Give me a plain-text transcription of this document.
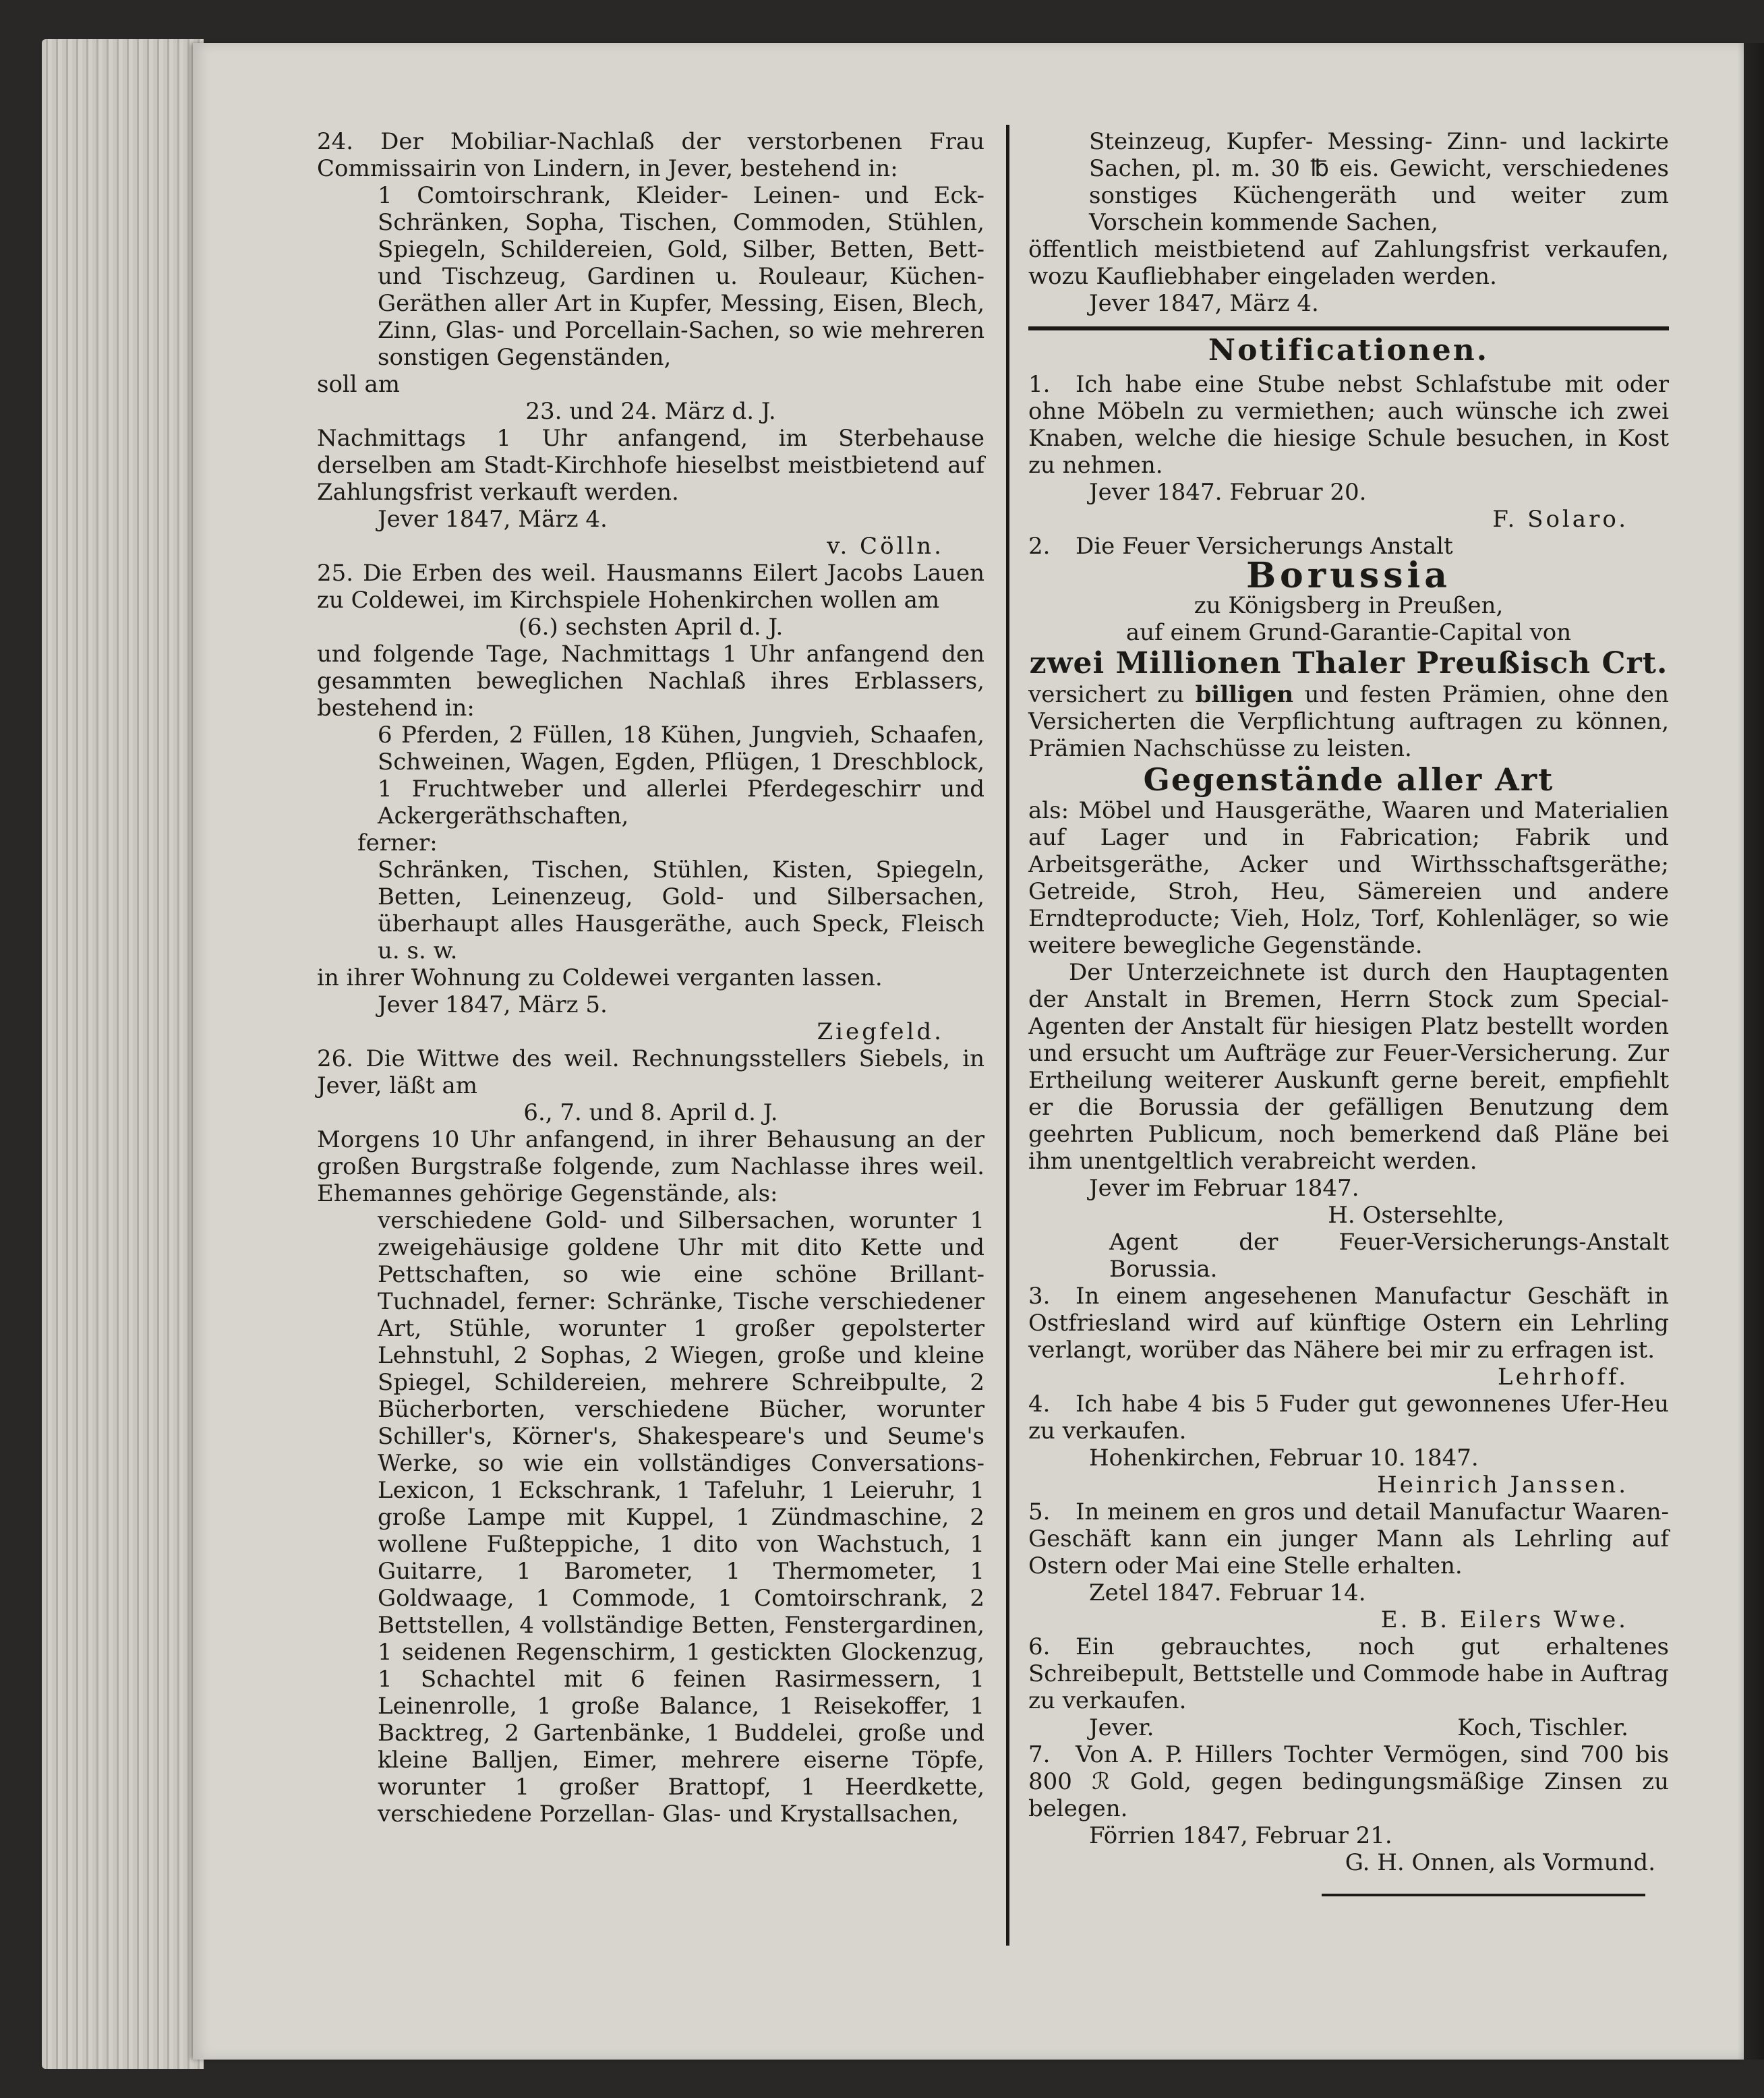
24. Der Mobiliar-Nachlaß der verstorbenen Frau Commissairin von Lindern, in Jever, bestehend in:

1 Comtoirschrank, Kleider- Leinen- und Eck-Schränken, Sopha, Tischen, Commoden, Stühlen, Spiegeln, Schildereien, Gold, Silber, Betten, Bett- und Tischzeug, Gardinen u. Rouleaur, Küchen-Geräthen aller Art in Kupfer, Messing, Eisen, Blech, Zinn, Glas- und Porcellain-Sachen, so wie mehreren sonstigen Gegenständen,

soll am

23. und 24. März d. J.

Nachmittags 1 Uhr anfangend, im Sterbehause derselben am Stadt-Kirchhofe hieselbst meistbietend auf Zahlungsfrist verkauft werden.

Jever 1847, März 4.

v. Cölln.

25. Die Erben des weil. Hausmanns Eilert Jacobs Lauen zu Coldewei, im Kirchspiele Hohenkirchen wollen am

(6.) sechsten April d. J.

und folgende Tage, Nachmittags 1 Uhr anfangend den gesammten beweglichen Nachlaß ihres Erblassers, bestehend in:

6 Pferden, 2 Füllen, 18 Kühen, Jungvieh, Schaafen, Schweinen, Wagen, Egden, Pflügen, 1 Dreschblock, 1 Fruchtweber und allerlei Pferdegeschirr und Ackergeräthschaften,

ferner:

Schränken, Tischen, Stühlen, Kisten, Spiegeln, Betten, Leinenzeug, Gold- und Silbersachen, überhaupt alles Hausgeräthe, auch Speck, Fleisch u. s. w.

in ihrer Wohnung zu Coldewei verganten lassen.

Jever 1847, März 5.

Ziegfeld.

26. Die Wittwe des weil. Rechnungsstellers Siebels, in Jever, läßt am

6., 7. und 8. April d. J.

Morgens 10 Uhr anfangend, in ihrer Behausung an der großen Burgstraße folgende, zum Nachlasse ihres weil. Ehemannes gehörige Gegenstände, als:

verschiedene Gold- und Silbersachen, worunter 1 zweigehäusige goldene Uhr mit dito Kette und Pettschaften, so wie eine schöne Brillant-Tuchnadel, ferner: Schränke, Tische verschiedener Art, Stühle, worunter 1 großer gepolsterter Lehnstuhl, 2 Sophas, 2 Wiegen, große und kleine Spiegel, Schildereien, mehrere Schreibpulte, 2 Bücherborten, verschiedene Bücher, worunter Schiller's, Körner's, Shakespeare's und Seume's Werke, so wie ein vollständiges Conversations-Lexicon, 1 Eckschrank, 1 Tafeluhr, 1 Leieruhr, 1 große Lampe mit Kuppel, 1 Zündmaschine, 2 wollene Fußteppiche, 1 dito von Wachstuch, 1 Guitarre, 1 Barometer, 1 Thermometer, 1 Goldwaage, 1 Commode, 1 Comtoirschrank, 2 Bettstellen, 4 vollständige Betten, Fenstergardinen, 1 seidenen Regenschirm, 1 gestickten Glockenzug, 1 Schachtel mit 6 feinen Rasirmessern, 1 Leinenrolle, 1 große Balance, 1 Reisekoffer, 1 Backtreg, 2 Gartenbänke, 1 Buddelei, große und kleine Balljen, Eimer, mehrere eiserne Töpfe, worunter 1 großer Brattopf, 1 Heerdkette, verschiedene Porzellan- Glas- und Krystallsachen,

Steinzeug, Kupfer- Messing- Zinn- und lackirte Sachen, pl. m. 30 ℔ eis. Gewicht, verschiedenes sonstiges Küchengeräth und weiter zum Vorschein kommende Sachen,

öffentlich meistbietend auf Zahlungsfrist verkaufen, wozu Kaufliebhaber eingeladen werden.

Jever 1847, März 4.

Notificationen.

1. Ich habe eine Stube nebst Schlafstube mit oder ohne Möbeln zu vermiethen; auch wünsche ich zwei Knaben, welche die hiesige Schule besuchen, in Kost zu nehmen.

Jever 1847. Februar 20.

F. Solaro.

2. Die Feuer Versicherungs Anstalt

Borussia

zu Königsberg in Preußen,

auf einem Grund-Garantie-Capital von

zwei Millionen Thaler Preußisch Crt.

versichert zu billigen und festen Prämien, ohne den Versicherten die Verpflichtung auftragen zu können, Prämien Nachschüsse zu leisten.

Gegenstände aller Art

als: Möbel und Hausgeräthe, Waaren und Materialien auf Lager und in Fabrication; Fabrik und Arbeitsgeräthe, Acker und Wirthsschaftsgeräthe; Getreide, Stroh, Heu, Sämereien und andere Erndteproducte; Vieh, Holz, Torf, Kohlenläger, so wie weitere bewegliche Gegenstände.

Der Unterzeichnete ist durch den Hauptagenten der Anstalt in Bremen, Herrn Stock zum Special-Agenten der Anstalt für hiesigen Platz bestellt worden und ersucht um Aufträge zur Feuer-Versicherung. Zur Ertheilung weiterer Auskunft gerne bereit, empfiehlt er die Borussia der gefälligen Benutzung dem geehrten Publicum, noch bemerkend daß Pläne bei ihm unentgeltlich verabreicht werden.

Jever im Februar 1847.

H. Ostersehlte,

Agent der Feuer-Versicherungs-Anstalt Borussia.

3. In einem angesehenen Manufactur Geschäft in Ostfriesland wird auf künftige Ostern ein Lehrling verlangt, worüber das Nähere bei mir zu erfragen ist.

Lehrhoff.

4. Ich habe 4 bis 5 Fuder gut gewonnenes Ufer-Heu zu verkaufen.

Hohenkirchen, Februar 10. 1847.

Heinrich Janssen.

5. In meinem en gros und detail Manufactur Waaren-Geschäft kann ein junger Mann als Lehrling auf Ostern oder Mai eine Stelle erhalten.

Zetel 1847. Februar 14.

E. B. Eilers Wwe.

6. Ein gebrauchtes, noch gut erhaltenes Schreibepult, Bettstelle und Commode habe in Auftrag zu verkaufen.

Jever.	Koch, Tischler.

7. Von A. P. Hillers Tochter Vermögen, sind 700 bis 800 ℛ Gold, gegen bedingungsmäßige Zinsen zu belegen.

Förrien 1847, Februar 21.

G. H. Onnen, als Vormund.
